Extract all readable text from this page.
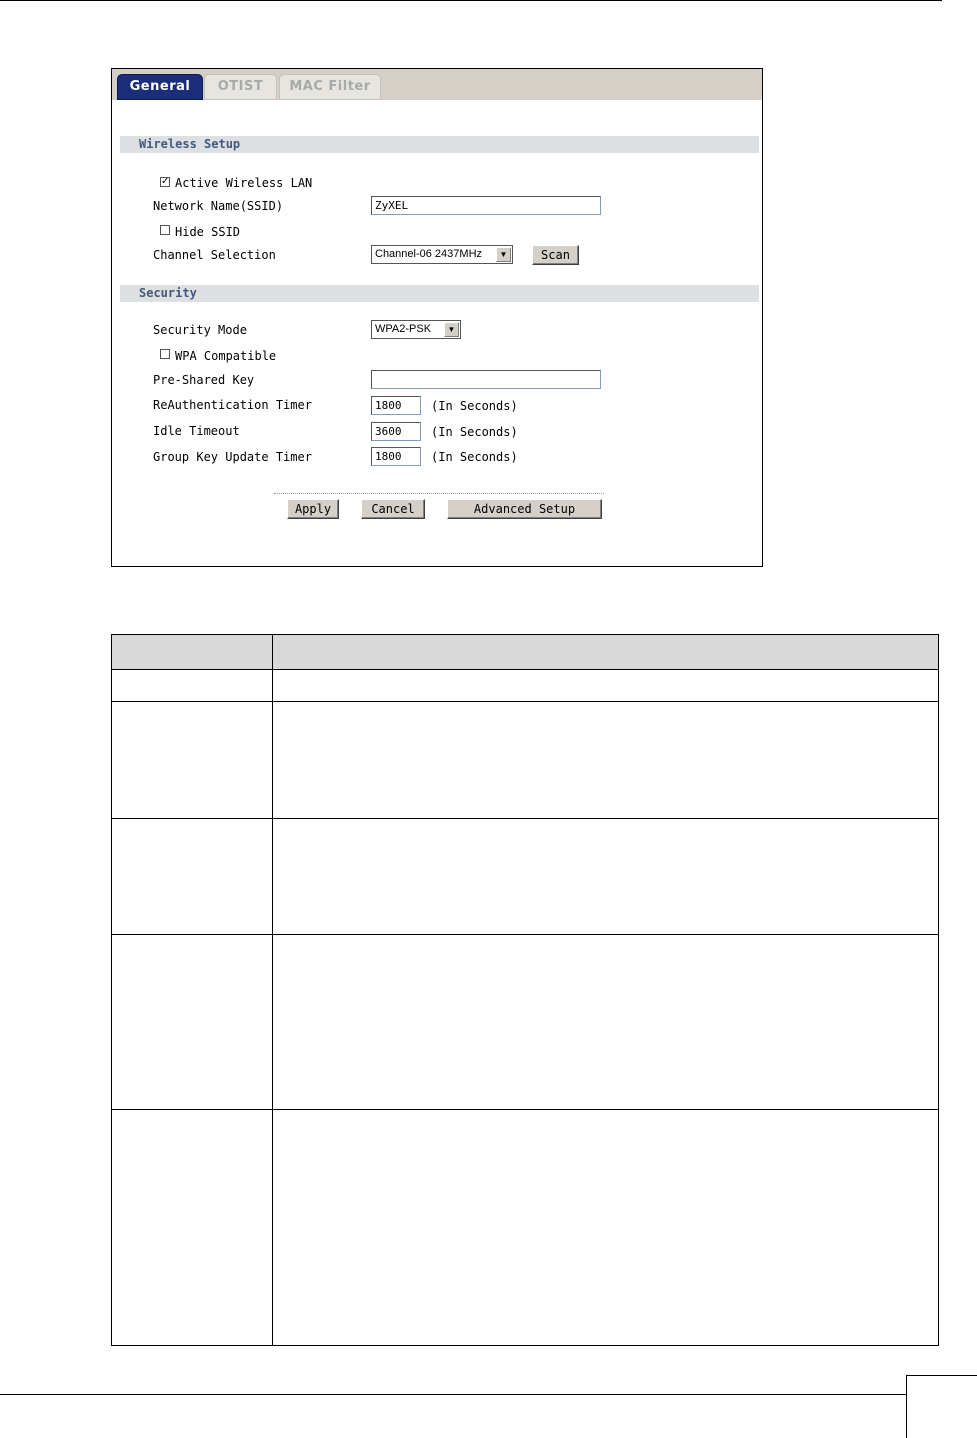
General	OTIST	MAC Filter
Wireless Setup
✓ Active Wireless LAN
Network Name(SSID)	ZyXEL
Hide SSID
Channel Selection	Channel-06 2437MHz	▼	Scan
Security
Security Mode	WPA2-PSK	▼
WPA Compatible
Pre-Shared Key
ReAuthentication Timer	1800	(In Seconds)
Idle Timeout	3600	(In Seconds)
Group Key Update Timer	1800	(In Seconds)
Apply	Cancel	Advanced Setup
